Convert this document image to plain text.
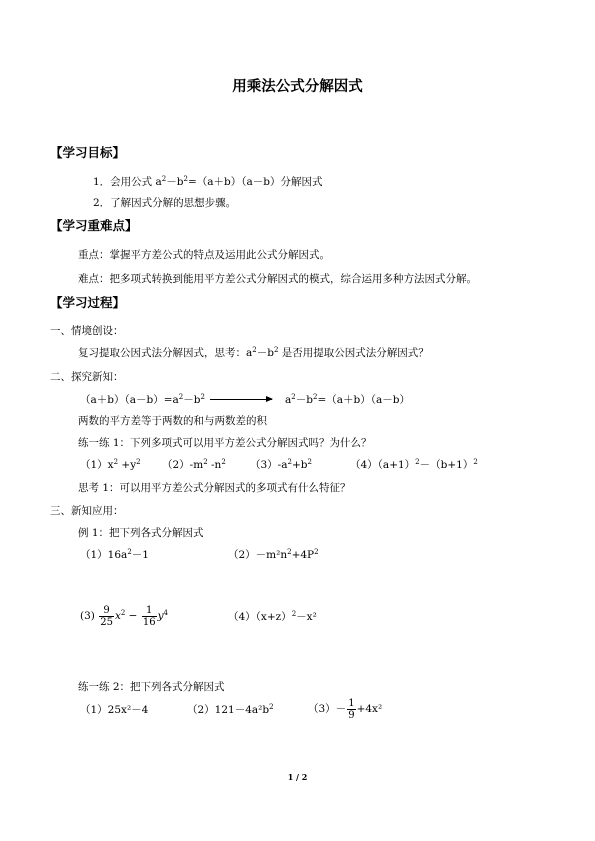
用乘法公式分解因式
【学习目标】
1．会用公式 $a^2-b^2=(a+b)(a-b)$分解因式
2．了解因式分解的思想步骤。
【学习重难点】
重点：掌握平方差公式的特点及运用此公式分解因式。
难点：把多项式转换到能用平方差公式分解因式的模式，综合运用多种方法因式分解。
【学习过程】
一、情境创设：
复习提取公因式法分解因式，思考：$a^2-b^2$ 是否用提取公因式法分解因式？
二、探究新知：
$(a+b)(a-b)=a^2-b^2$	$a^2-b^2=(a+b)(a-b)$
两数的平方差等于两数的和与两数差的积
练一练 1：下列多项式可以用平方差公式分解因式吗？为什么？
$(1)x^2 +y^2$ $(2)-m^2$ $-n^2$ $(3)-a^2+b^2$	$(4)(a+1)^2-(b+1)^2$
思考 1：可以用平方差公式分解因式的多项式有什么特征？
三、新知应用：
例 1：把下列各式分解因式
$(1)16a^2-1$	$(2)-m^2n^2+4P^2$
$(3) \frac{9}{25} x^2 - \frac{1}{16} y^4$	$(4)(x+z)^2-x^2$
练一练 2：把下列各式分解因式
（1）25x²－4	$(2)121-4a^2b^2$	$(3)- \frac{1}{9} +4x^2$
1 / 2
